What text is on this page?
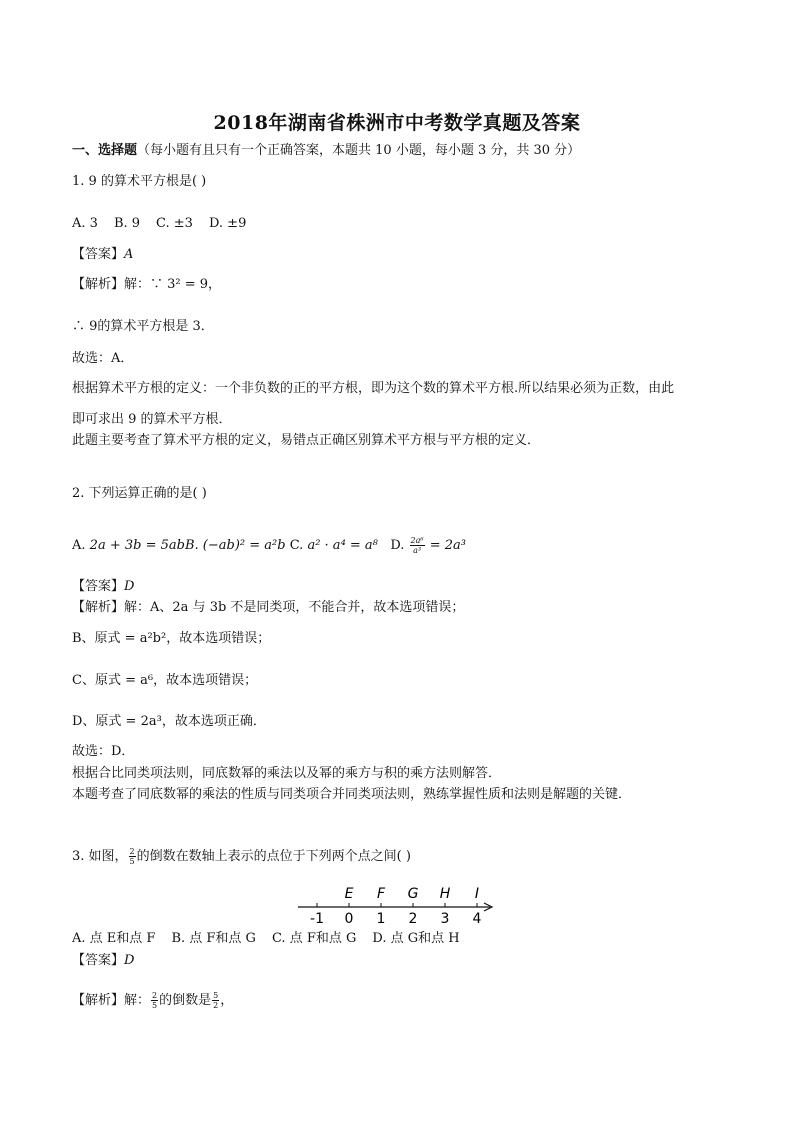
2018年湖南省株洲市中考数学真题及答案
一、选择题（每小题有且只有一个正确答案，本题共 10 小题，每小题 3 分，共 30 分）
1. 9 的算术平方根是( )
A. 3 B. 9 C. ±3 D. ±9
【答案】A
【解析】解：∵ 3² = 9，
∴ 9的算术平方根是 3．
故选：A．
根据算术平方根的定义：一个非负数的正的平方根，即为这个数的算术平方根.所以结果必须为正数，由此
即可求出 9 的算术平方根．
此题主要考查了算术平方根的定义，易错点正确区别算术平方根与平方根的定义．
2. 下列运算正确的是( )
A. 2a + 3b = 5abB. (−ab)² = a²b C. a² · a⁴ = a⁸ D. $\frac{\text{2a⁶}}{\text{a³}} = 2a^3$
【答案】D
【解析】解：A、2a 与 3b 不是同类项，不能合并，故本选项错误；
B、原式 = a²b²，故本选项错误；
C、原式 = a⁶，故本选项错误；
D、原式 = 2a³，故本选项正确．
故选：D．
根据合比同类项法则，同底数幂的乘法以及幂的乘方与积的乘方法则解答．
本题考查了同底数幂的乘法的性质与同类项合并同类项法则，熟练掌握性质和法则是解题的关键．
3. 如图， $\frac{2}{5}$ 的倒数在数轴上表示的点位于下列两个点之间( )
-1 0 1 2 3 4
E F G H I
A. 点 E和点 F B. 点 F和点 G C. 点 F和点 G D. 点 G和点 H
【答案】D
【解析】解： $\frac{2}{5}$ 的倒数是 $\frac{5}{2}$ ，
